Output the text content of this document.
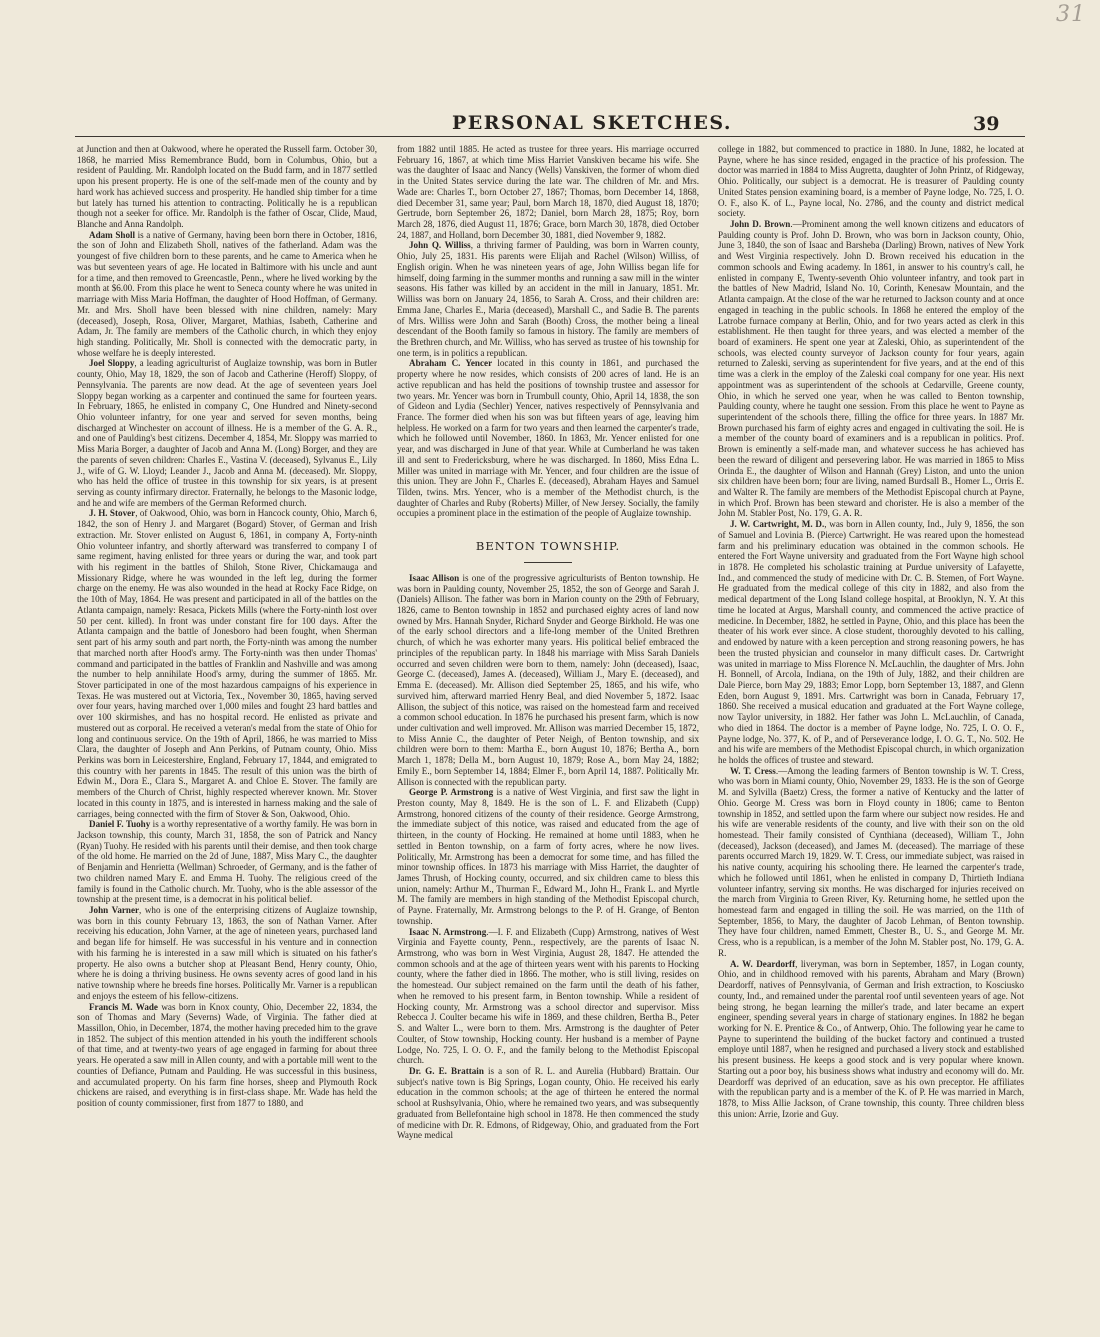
31
PERSONAL SKETCHES.	39

at Junction and then at Oakwood, where he operated the Russell farm. October 30, 1868, he married Miss Remembrance Budd, born in Columbus, Ohio, but a resident of Paulding. Mr. Randolph located on the Budd farm, and in 1877 settled upon his present property. He is one of the self-made men of the county and by hard work has achieved success and prosperity. He handled ship timber for a time but lately has turned his attention to contracting. Politically he is a republican though not a seeker for office. Mr. Randolph is the father of Oscar, Clide, Maud, Blanche and Anna Randolph.

Adam Sholl is a native of Germany, having been born there in October, 1816, the son of John and Elizabeth Sholl, natives of the fatherland. Adam was the youngest of five children born to these parents, and he came to America when he was but seventeen years of age. He located in Baltimore with his uncle and aunt for a time, and then removed to Greencastle, Penn., where he lived working by the month at $6.00. From this place he went to Seneca county where he was united in marriage with Miss Maria Hoffman, the daughter of Hood Hoffman, of Germany. Mr. and Mrs. Sholl have been blessed with nine children, namely: Mary (deceased), Joseph, Rosa, Oliver, Margaret, Mathias, Isabeth, Catherine and Adam, Jr. The family are members of the Catholic church, in which they enjoy high standing. Politically, Mr. Sholl is connected with the democratic party, in whose welfare he is deeply interested.

Joel Sloppy, a leading agriculturist of Auglaize township, was born in Butler county, Ohio, May 18, 1829, the son of Jacob and Catherine (Heroff) Sloppy, of Pennsylvania. The parents are now dead. At the age of seventeen years Joel Sloppy began working as a carpenter and continued the same for fourteen years. In February, 1865, he enlisted in company C, One Hundred and Ninety-second Ohio volunteer infantry, for one year and served for seven months, being discharged at Winchester on account of illness. He is a member of the G. A. R., and one of Paulding's best citizens. December 4, 1854, Mr. Sloppy was married to Miss Maria Borger, a daughter of Jacob and Anna M. (Long) Borger, and they are the parents of seven children: Charles E., Vastina V. (deceased), Sylvanus E., Lily J., wife of G. W. Lloyd; Leander J., Jacob and Anna M. (deceased). Mr. Sloppy, who has held the office of trustee in this township for six years, is at present serving as county infirmary director. Fraternally, he belongs to the Masonic lodge, and he and wife are members of the German Reformed church.

J. H. Stover, of Oakwood, Ohio, was born in Hancock county, Ohio, March 6, 1842, the son of Henry J. and Margaret (Bogard) Stover, of German and Irish extraction. Mr. Stover enlisted on August 6, 1861, in company A, Forty-ninth Ohio volunteer infantry, and shortly afterward was transferred to company I of same regiment, having enlisted for three years or during the war, and took part with his regiment in the battles of Shiloh, Stone River, Chickamauga and Missionary Ridge, where he was wounded in the left leg, during the former charge on the enemy. He was also wounded in the head at Rocky Face Ridge, on the 10th of May, 1864. He was present and participated in all of the battles on the Atlanta campaign, namely: Resaca, Pickets Mills (where the Forty-ninth lost over 50 per cent. killed). In front was under constant fire for 100 days. After the Atlanta campaign and the battle of Jonesboro had been fought, when Sherman sent part of his army south and part north, the Forty-ninth was among the number that marched north after Hood's army. The Forty-ninth was then under Thomas' command and participated in the battles of Franklin and Nashville and was among the number to help annihilate Hood's army, during the summer of 1865. Mr. Stover participated in one of the most hazardous campaigns of his experience in Texas. He was mustered out at Victoria, Tex., November 30, 1865, having served over four years, having marched over 1,000 miles and fought 23 hard battles and over 100 skirmishes, and has no hospital record. He enlisted as private and mustered out as corporal. He received a veteran's medal from the state of Ohio for long and continuous service. On the 19th of April, 1866, he was married to Miss Clara, the daughter of Joseph and Ann Perkins, of Putnam county, Ohio. Miss Perkins was born in Leicestershire, England, February 17, 1844, and emigrated to this country with her parents in 1845. The result of this union was the birth of Edwin M., Dora E., Clara S., Margaret A. and Chloe E. Stover. The family are members of the Church of Christ, highly respected wherever known. Mr. Stover located in this county in 1875, and is interested in harness making and the sale of carriages, being connected with the firm of Stover & Son, Oakwood, Ohio.

Daniel F. Tuohy is a worthy representative of a worthy family. He was born in Jackson township, this county, March 31, 1858, the son of Patrick and Nancy (Ryan) Tuohy. He resided with his parents until their demise, and then took charge of the old home. He married on the 2d of June, 1887, Miss Mary C., the daughter of Benjamin and Henrietta (Wellman) Schroeder, of Germany, and is the father of two children named Mary E. and Emma H. Tuohy. The religious creed of the family is found in the Catholic church. Mr. Tuohy, who is the able assessor of the township at the present time, is a democrat in his political belief.

John Varner, who is one of the enterprising citizens of Auglaize township, was born in this county February 13, 1863, the son of Nathan Varner. After receiving his education, John Varner, at the age of nineteen years, purchased land and began life for himself. He was successful in his venture and in connection with his farming he is interested in a saw mill which is situated on his father's property. He also owns a butcher shop at Pleasant Bend, Henry county, Ohio, where he is doing a thriving business. He owns seventy acres of good land in his native township where he breeds fine horses. Politically Mr. Varner is a republican and enjoys the esteem of his fellow-citizens.

Francis M. Wade was born in Knox county, Ohio, December 22, 1834, the son of Thomas and Mary (Severns) Wade, of Virginia. The father died at Massillon, Ohio, in December, 1874, the mother having preceded him to the grave in 1852. The subject of this mention attended in his youth the indifferent schools of that time, and at twenty-two years of age engaged in farming for about three years. He operated a saw mill in Allen county, and with a portable mill went to the counties of Defiance, Putnam and Paulding. He was successful in this business, and accumulated property. On his farm fine horses, sheep and Plymouth Rock chickens are raised, and everything is in first-class shape. Mr. Wade has held the position of county commissioner, first from 1877 to 1880, and

from 1882 until 1885. He acted as trustee for three years. His marriage occurred February 16, 1867, at which time Miss Harriet Vanskiven became his wife. She was the daughter of Isaac and Nancy (Wells) Vanskiven, the former of whom died in the United States service during the late war. The children of Mr. and Mrs. Wade are: Charles T., born October 27, 1867; Thomas, born December 14, 1868, died December 31, same year; Paul, born March 18, 1870, died August 18, 1870; Gertrude, born September 26, 1872; Daniel, born March 28, 1875; Roy, born March 28, 1876, died August 11, 1876; Grace, born March 30, 1878, died October 24, 1887, and Holland, born December 30, 1881, died November 9, 1882.

John Q. Williss, a thriving farmer of Paulding, was born in Warren county, Ohio, July 25, 1831. His parents were Elijah and Rachel (Wilson) Williss, of English origin. When he was nineteen years of age, John Williss began life for himself, doing farming in the summer months and running a saw mill in the winter seasons. His father was killed by an accident in the mill in January, 1851. Mr. Williss was born on January 24, 1856, to Sarah A. Cross, and their children are: Emma Jane, Charles E., Maria (deceased), Marshall C., and Sadie B. The parents of Mrs. Williss were John and Sarah (Booth) Cross, the mother being a lineal descendant of the Booth family so famous in history. The family are members of the Brethren church, and Mr. Williss, who has served as trustee of his township for one term, is in politics a republican.

Abraham C. Yencer located in this county in 1861, and purchased the property where he now resides, which consists of 200 acres of land. He is an active republican and has held the positions of township trustee and assessor for two years. Mr. Yencer was born in Trumbull county, Ohio, April 14, 1838, the son of Gideon and Lydia (Sechler) Yencer, natives respectively of Pennsylvania and France. The former died when his son was but fifteen years of age, leaving him helpless. He worked on a farm for two years and then learned the carpenter's trade, which he followed until November, 1860. In 1863, Mr. Yencer enlisted for one year, and was discharged in June of that year. While at Cumberland he was taken ill and sent to Fredericksburg, where he was discharged. In 1860, Miss Edna L. Miller was united in marriage with Mr. Yencer, and four children are the issue of this union. They are John F., Charles E. (deceased), Abraham Hayes and Samuel Tilden, twins. Mrs. Yencer, who is a member of the Methodist church, is the daughter of Charles and Ruby (Roberts) Miller, of New Jersey. Socially, the family occupies a prominent place in the estimation of the people of Auglaize township.

BENTON TOWNSHIP.

Isaac Allison is one of the progressive agriculturists of Benton township. He was born in Paulding county, November 25, 1852, the son of George and Sarah J. (Daniels) Allison. The father was born in Marion county on the 29th of February, 1826, came to Benton township in 1852 and purchased eighty acres of land now owned by Mrs. Hannah Snyder, Richard Snyder and George Birkhold. He was one of the early school directors and a life-long member of the United Brethren church, of which he was exhorter many years. His political belief embraced the principles of the republican party. In 1848 his marriage with Miss Sarah Daniels occurred and seven children were born to them, namely: John (deceased), Isaac, George C. (deceased), James A. (deceased), William J., Mary E. (deceased), and Emma E. (deceased). Mr. Allison died September 25, 1865, and his wife, who survived him, afterward married Henry Beal, and died November 5, 1872. Isaac Allison, the subject of this notice, was raised on the homestead farm and received a common school education. In 1876 he purchased his present farm, which is now under cultivation and well improved. Mr. Allison was married December 15, 1872, to Miss Annie C., the daughter of Peter Neigh, of Benton township, and six children were born to them: Martha E., born August 10, 1876; Bertha A., born March 1, 1878; Della M., born August 10, 1879; Rose A., born May 24, 1882; Emily E., born September 14, 1884; Elmer F., born April 14, 1887. Politically Mr. Allison is connected with the republican party.

George P. Armstrong is a native of West Virginia, and first saw the light in Preston county, May 8, 1849. He is the son of L. F. and Elizabeth (Cupp) Armstrong, honored citizens of the county of their residence. George Armstrong, the immediate subject of this notice, was raised and educated from the age of thirteen, in the county of Hocking. He remained at home until 1883, when he settled in Benton township, on a farm of forty acres, where he now lives. Politically, Mr. Armstrong has been a democrat for some time, and has filled the minor township offices. In 1873 his marriage with Miss Harriet, the daughter of James Thrush, of Hocking county, occurred, and six children came to bless this union, namely: Arthur M., Thurman F., Edward M., John H., Frank L. and Myrtle M. The family are members in high standing of the Methodist Episcopal church, of Payne. Fraternally, Mr. Armstrong belongs to the P. of H. Grange, of Benton township.

Isaac N. Armstrong.—I. F. and Elizabeth (Cupp) Armstrong, natives of West Virginia and Fayette county, Penn., respectively, are the parents of Isaac N. Armstrong, who was born in West Virginia, August 28, 1847. He attended the common schools and at the age of thirteen years went with his parents to Hocking county, where the father died in 1866. The mother, who is still living, resides on the homestead. Our subject remained on the farm until the death of his father, when he removed to his present farm, in Benton township. While a resident of Hocking county, Mr. Armstrong was a school director and supervisor. Miss Rebecca J. Coulter became his wife in 1869, and these children, Bertha B., Peter S. and Walter L., were born to them. Mrs. Armstrong is the daughter of Peter Coulter, of Stow township, Hocking county. Her husband is a member of Payne Lodge, No. 725, I. O. O. F., and the family belong to the Methodist Episcopal church.

Dr. G. E. Brattain is a son of R. L. and Aurelia (Hubbard) Brattain. Our subject's native town is Big Springs, Logan county, Ohio. He received his early education in the common schools; at the age of thirteen he entered the normal school at Rushsylvania, Ohio, where he remained two years, and was subsequently graduated from Bellefontaine high school in 1878. He then commenced the study of medicine with Dr. R. Edmons, of Ridgeway, Ohio, and graduated from the Fort Wayne medical

college in 1882, but commenced to practice in 1880. In June, 1882, he located at Payne, where he has since resided, engaged in the practice of his profession. The doctor was married in 1884 to Miss Augretta, daughter of John Printz, of Ridgeway, Ohio. Politically, our subject is a democrat. He is treasurer of Paulding county United States pension examining board, is a member of Payne lodge, No. 725, I. O. O. F., also K. of L., Payne local, No. 2786, and the county and district medical society.

John D. Brown.—Prominent among the well known citizens and educators of Paulding county is Prof. John D. Brown, who was born in Jackson county, Ohio, June 3, 1840, the son of Isaac and Barsheba (Darling) Brown, natives of New York and West Virginia respectively. John D. Brown received his education in the common schools and Ewing academy. In 1861, in answer to his country's call, he enlisted in company E, Twenty-seventh Ohio volunteer infantry, and took part in the battles of New Madrid, Island No. 10, Corinth, Kenesaw Mountain, and the Atlanta campaign. At the close of the war he returned to Jackson county and at once engaged in teaching in the public schools. In 1868 he entered the employ of the Latrobe furnace company at Berlin, Ohio, and for two years acted as clerk in this establishment. He then taught for three years, and was elected a member of the board of examiners. He spent one year at Zaleski, Ohio, as superintendent of the schools, was elected county surveyor of Jackson county for four years, again returned to Zaleski, serving as superintendent for five years, and at the end of this time was a clerk in the employ of the Zaleski coal company for one year. His next appointment was as superintendent of the schools at Cedarville, Greene county, Ohio, in which he served one year, when he was called to Benton township, Paulding county, where he taught one session. From this place he went to Payne as superintendent of the schools there, filling the office for three years. In 1887 Mr. Brown purchased his farm of eighty acres and engaged in cultivating the soil. He is a member of the county board of examiners and is a republican in politics. Prof. Brown is eminently a self-made man, and whatever success he has achieved has been the reward of diligent and persevering labor. He was married in 1865 to Miss Orinda E., the daughter of Wilson and Hannah (Grey) Liston, and unto the union six children have been born; four are living, named Burdsall B., Homer L., Orris E. and Walter R. The family are members of the Methodist Episcopal church at Payne, in which Prof. Brown has been steward and chorister. He is also a member of the John M. Stabler Post, No. 179, G. A. R.

J. W. Cartwright, M. D., was born in Allen county, Ind., July 9, 1856, the son of Samuel and Lovinia B. (Pierce) Cartwright. He was reared upon the homestead farm and his preliminary education was obtained in the common schools. He entered the Fort Wayne university and graduated from the Fort Wayne high school in 1878. He completed his scholastic training at Purdue university of Lafayette, Ind., and commenced the study of medicine with Dr. C. B. Stemen, of Fort Wayne. He graduated from the medical college of this city in 1882, and also from the medical department of the Long Island college hospital, at Brooklyn, N. Y. At this time he located at Argus, Marshall county, and commenced the active practice of medicine. In December, 1882, he settled in Payne, Ohio, and this place has been the theater of his work ever since. A close student, thoroughly devoted to his calling, and endowed by nature with a keen perception and strong reasoning powers, he has been the trusted physician and counselor in many difficult cases. Dr. Cartwright was united in marriage to Miss Florence N. McLauchlin, the daughter of Mrs. John H. Bonnell, of Arcola, Indiana, on the 19th of July, 1882, and their children are Dale Pierce, born May 29, 1883; Emor Lopp, born September 13, 1887, and Glenn Eden, born August 9, 1891. Mrs. Cartwright was born in Canada, February 17, 1860. She received a musical education and graduated at the Fort Wayne college, now Taylor university, in 1882. Her father was John L. McLauchlin, of Canada, who died in 1864. The doctor is a member of Payne lodge, No. 725, I. O. O. F., Payne lodge, No. 377, K. of P., and of Perseverance lodge, I. O. G. T., No. 502. He and his wife are members of the Methodist Episcopal church, in which organization he holds the offices of trustee and steward.

W. T. Cress.—Among the leading farmers of Benton township is W. T. Cress, who was born in Miami county, Ohio, November 29, 1833. He is the son of George M. and Sylvilla (Baetz) Cress, the former a native of Kentucky and the latter of Ohio. George M. Cress was born in Floyd county in 1806; came to Benton township in 1852, and settled upon the farm where our subject now resides. He and his wife are venerable residents of the county, and live with their son on the old homestead. Their family consisted of Cynthiana (deceased), William T., John (deceased), Jackson (deceased), and James M. (deceased). The marriage of these parents occurred March 19, 1829. W. T. Cress, our immediate subject, was raised in his native county, acquiring his schooling there. He learned the carpenter's trade, which he followed until 1861, when he enlisted in company D, Thirtieth Indiana volunteer infantry, serving six months. He was discharged for injuries received on the march from Virginia to Green River, Ky. Returning home, he settled upon the homestead farm and engaged in tilling the soil. He was married, on the 11th of September, 1856, to Mary, the daughter of Jacob Lehman, of Benton township. They have four children, named Emmett, Chester B., U. S., and George M. Mr. Cress, who is a republican, is a member of the John M. Stabler post, No. 179, G. A. R.

A. W. Deardorff, liveryman, was born in September, 1857, in Logan county, Ohio, and in childhood removed with his parents, Abraham and Mary (Brown) Deardorff, natives of Pennsylvania, of German and Irish extraction, to Kosciusko county, Ind., and remained under the parental roof until seventeen years of age. Not being strong, he began learning the miller's trade, and later became an expert engineer, spending several years in charge of stationary engines. In 1882 he began working for N. E. Prentice & Co., of Antwerp, Ohio. The following year he came to Payne to superintend the building of the bucket factory and continued a trusted employe until 1887, when he resigned and purchased a livery stock and established his present business. He keeps a good stock and is very popular where known. Starting out a poor boy, his business shows what industry and economy will do. Mr. Deardorff was deprived of an education, save as his own preceptor. He affiliates with the republican party and is a member of the K. of P. He was married in March, 1878, to Miss Allie Jackson, of Crane township, this county. Three children bless this union: Arrie, Izorie and Guy.
